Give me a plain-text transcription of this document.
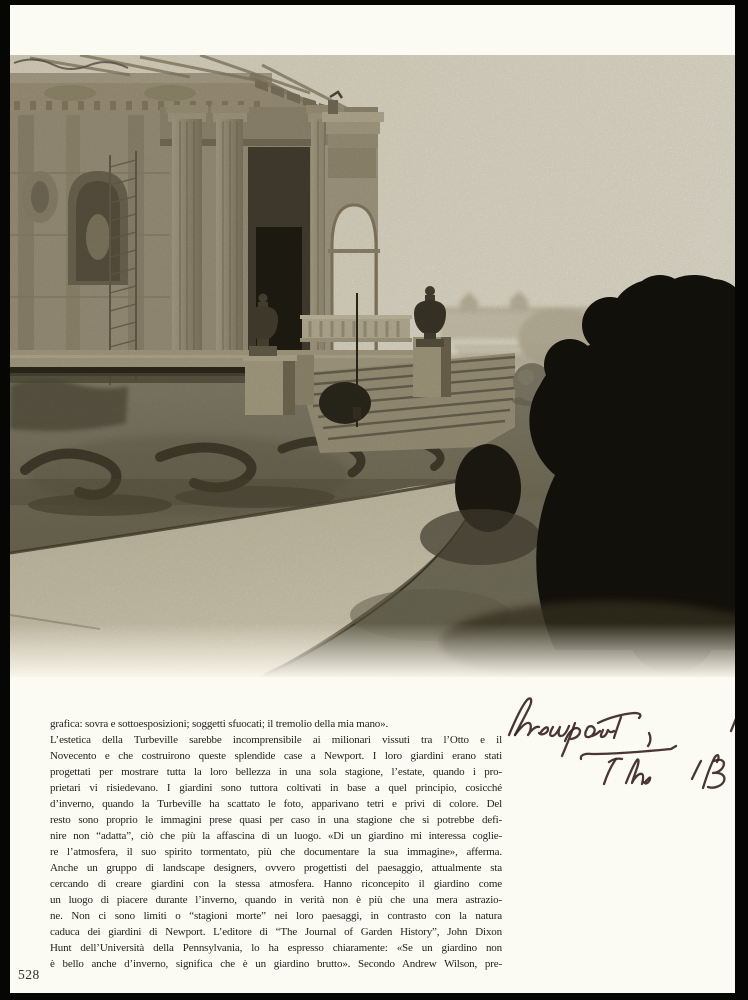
grafica: sovra e sottoesposizioni; soggetti sfuocati; il tremolio della mia mano».
L’estetica della Turbeville sarebbe incomprensibile ai milionari vissuti tra l’Otto e il
Novecento e che costruirono queste splendide case a Newport. I loro giardini erano stati
progettati per mostrare tutta la loro bellezza in una sola stagione, l’estate, quando i pro-
prietari vi risiedevano. I giardini sono tuttora coltivati in base a quel principio, cosicché
d’inverno, quando la Turbeville ha scattato le foto, apparivano tetri e privi di colore. Del
resto sono proprio le immagini prese quasi per caso in una stagione che si potrebbe defi-
nire non “adatta”, ciò che più la affascina di un luogo. «Di un giardino mi interessa coglie-
re l’atmosfera, il suo spirito tormentato, più che documentare la sua immagine», afferma.
Anche un gruppo di landscape designers, ovvero progettisti del paesaggio, attualmente sta
cercando di creare giardini con la stessa atmosfera. Hanno riconcepito il giardino come
un luogo di piacere durante l’inverno, quando in verità non è più che una mera astrazio-
ne. Non ci sono limiti o “stagioni morte” nei loro paesaggi, in contrasto con la natura
caduca dei giardini di Newport. L’editore di “The Journal of Garden History”, John Dixon
Hunt dell’Università della Pennsylvania, lo ha espresso chiaramente: «Se un giardino non
è bello anche d’inverno, significa che è un giardino brutto». Secondo Andrew Wilson, pre-
528
